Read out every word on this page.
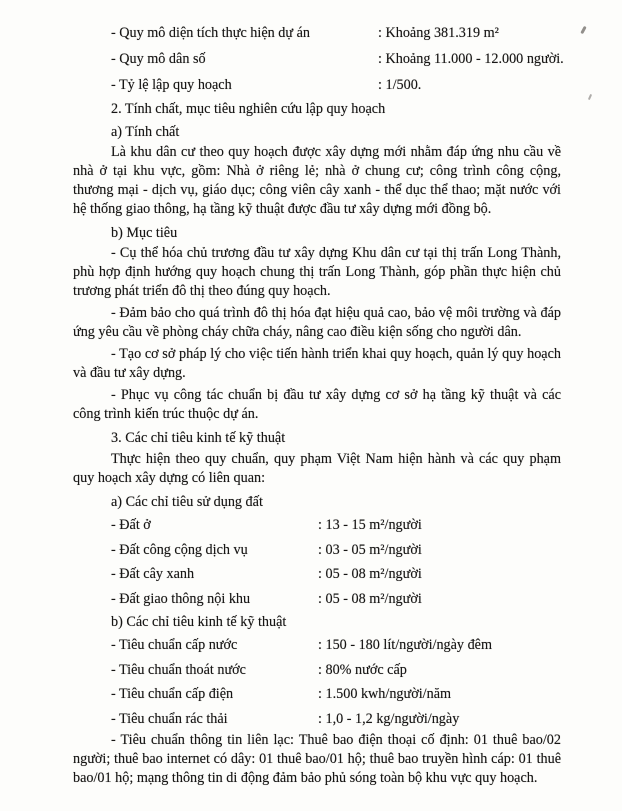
- Quy mô diện tích thực hiện dự án	: Khoảng 381.319 m²
- Quy mô dân số	: Khoảng 11.000 - 12.000 người.
- Tỷ lệ lập quy hoạch	: 1/500.
2. Tính chất, mục tiêu nghiên cứu lập quy hoạch

a) Tính chất

Là khu dân cư theo quy hoạch được xây dựng mới nhằm đáp ứng nhu cầu về nhà ở tại khu vực, gồm: Nhà ở riêng lẻ; nhà ở chung cư; công trình công cộng, thương mại - dịch vụ, giáo dục; công viên cây xanh - thể dục thể thao; mặt nước với hệ thống giao thông, hạ tầng kỹ thuật được đầu tư xây dựng mới đồng bộ.

b) Mục tiêu

- Cụ thể hóa chủ trương đầu tư xây dựng Khu dân cư tại thị trấn Long Thành, phù hợp định hướng quy hoạch chung thị trấn Long Thành, góp phần thực hiện chủ trương phát triển đô thị theo đúng quy hoạch.

- Đảm bảo cho quá trình đô thị hóa đạt hiệu quả cao, bảo vệ môi trường và đáp ứng yêu cầu về phòng cháy chữa cháy, nâng cao điều kiện sống cho người dân.

- Tạo cơ sở pháp lý cho việc tiến hành triển khai quy hoạch, quản lý quy hoạch và đầu tư xây dựng.

- Phục vụ công tác chuẩn bị đầu tư xây dựng cơ sở hạ tầng kỹ thuật và các công trình kiến trúc thuộc dự án.

3. Các chỉ tiêu kinh tế kỹ thuật

Thực hiện theo quy chuẩn, quy phạm Việt Nam hiện hành và các quy phạm quy hoạch xây dựng có liên quan:

a) Các chỉ tiêu sử dụng đất

- Đất ở	: 13 - 15 m²/người
- Đất công cộng dịch vụ	: 03 - 05 m²/người
- Đất cây xanh	: 05 - 08 m²/người
- Đất giao thông nội khu	: 05 - 08 m²/người

b) Các chỉ tiêu kinh tế kỹ thuật

- Tiêu chuẩn cấp nước	: 150 - 180 lít/người/ngày đêm
- Tiêu chuẩn thoát nước	: 80% nước cấp
- Tiêu chuẩn cấp điện	: 1.500 kwh/người/năm
- Tiêu chuẩn rác thải	: 1,0 - 1,2 kg/người/ngày

- Tiêu chuẩn thông tin liên lạc: Thuê bao điện thoại cố định: 01 thuê bao/02 người; thuê bao internet có dây: 01 thuê bao/01 hộ; thuê bao truyền hình cáp: 01 thuê bao/01 hộ; mạng thông tin di động đảm bảo phủ sóng toàn bộ khu vực quy hoạch.
